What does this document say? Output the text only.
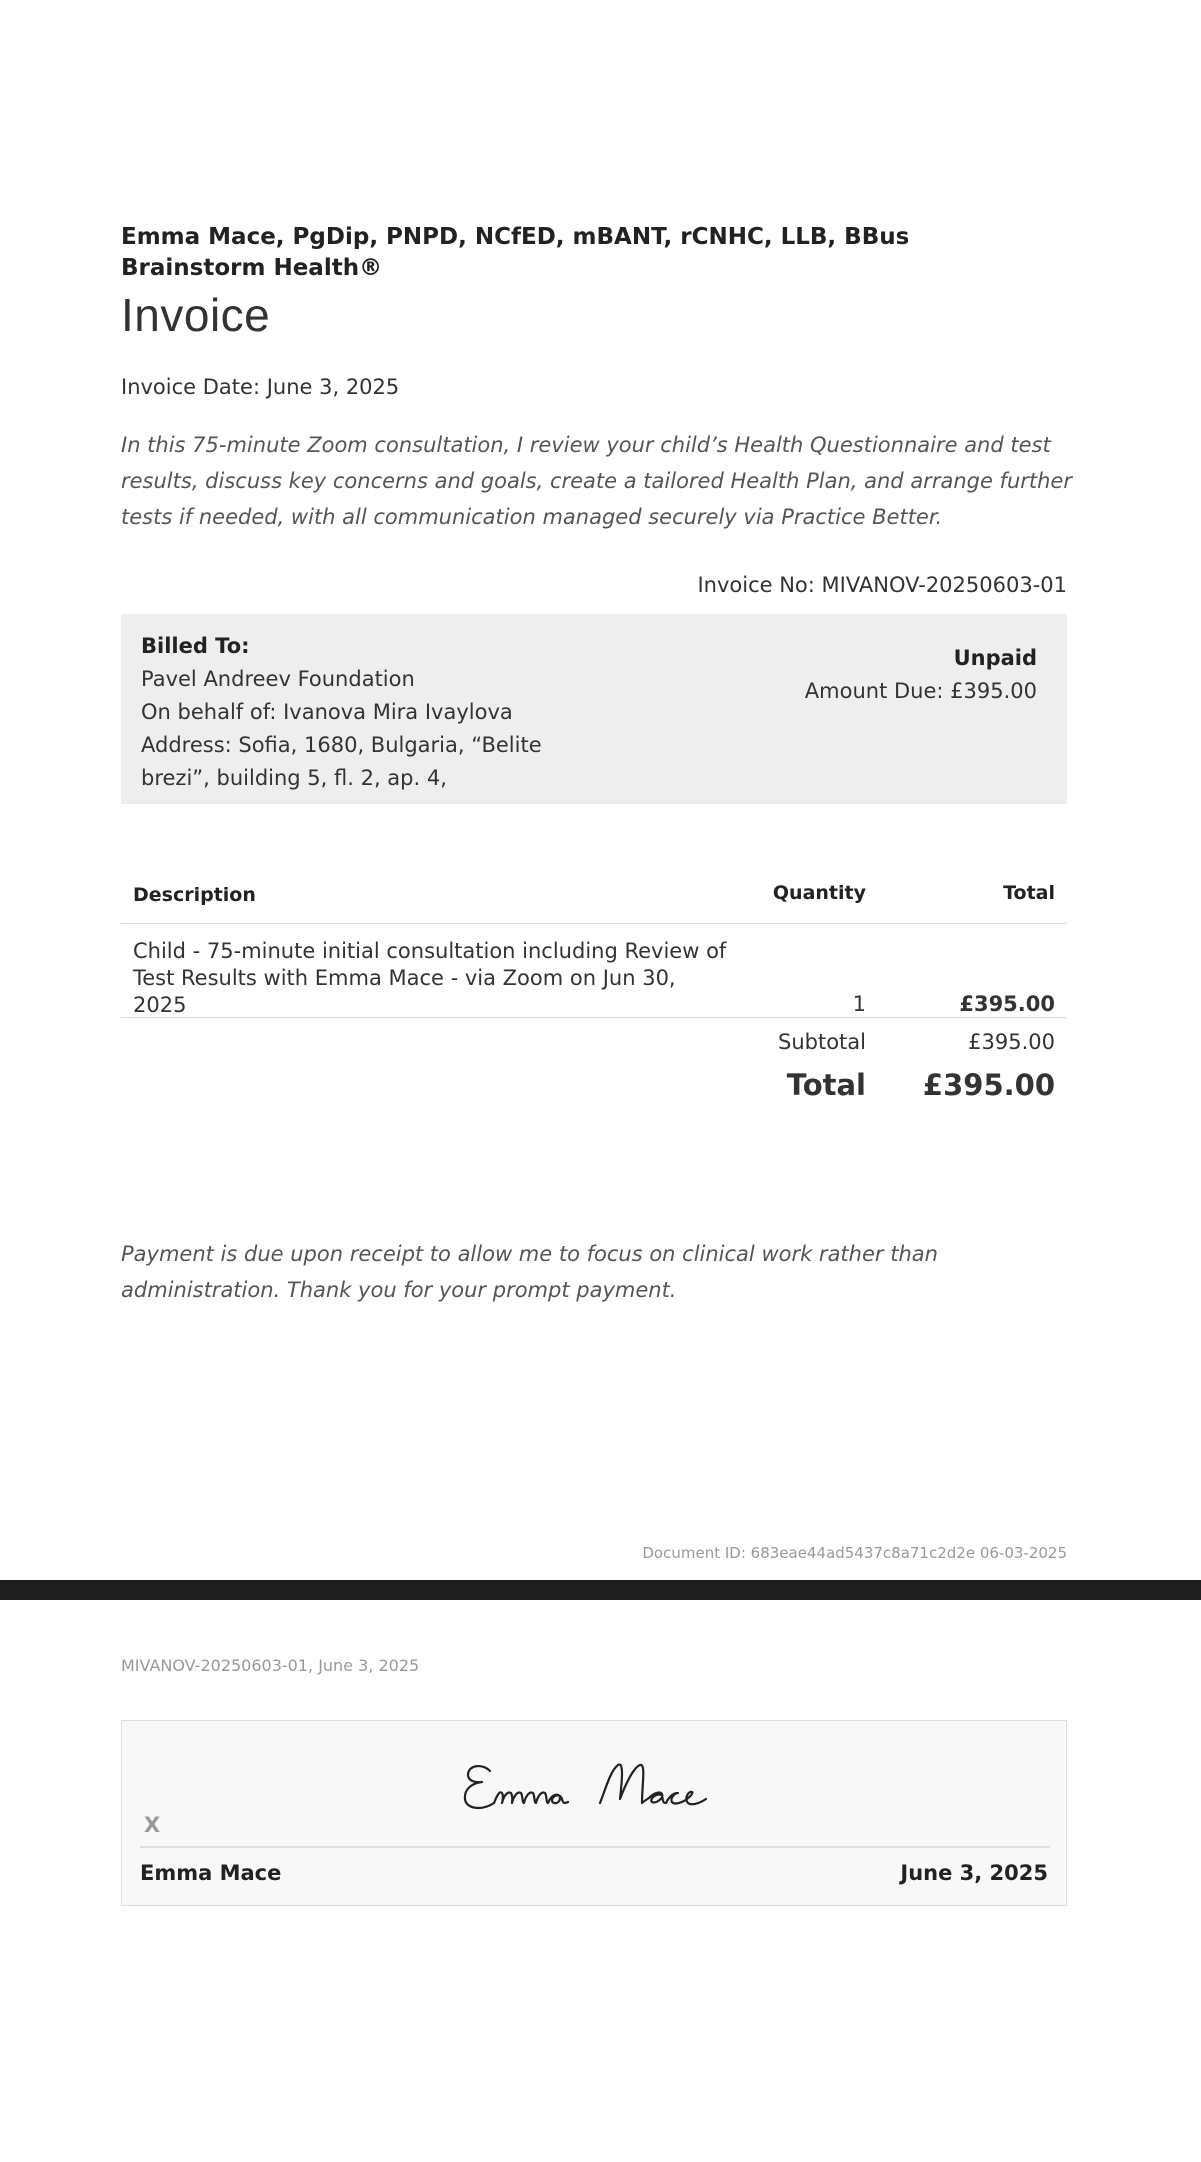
Emma Mace, PgDip, PNPD, NCfED, mBANT, rCNHC, LLB, BBus
Brainstorm Health®
Invoice
Invoice Date: June 3, 2025
In this 75-minute Zoom consultation, I review your child’s Health Questionnaire and test results, discuss key concerns and goals, create a tailored Health Plan, and arrange further tests if needed, with all communication managed securely via Practice Better.
Invoice No: MIVANOV-20250603-01
Billed To:
Pavel Andreev Foundation
On behalf of: Ivanova Mira Ivaylova
Address: Sofia, 1680, Bulgaria, “Belite brezi”, building 5, fl. 2, ap. 4,
Unpaid
Amount Due: £395.00
Description	Quantity	Total
Child - 75-minute initial consultation including Review of Test Results with Emma Mace - via Zoom on Jun 30, 2025	1	£395.00
Subtotal	£395.00
Total £395.00
Payment is due upon receipt to allow me to focus on clinical work rather than administration. Thank you for your prompt payment.
Document ID: 683eae44ad5437c8a71c2d2e 06-03-2025
MIVANOV-20250603-01, June 3, 2025
X
Emma Mace	June 3, 2025
